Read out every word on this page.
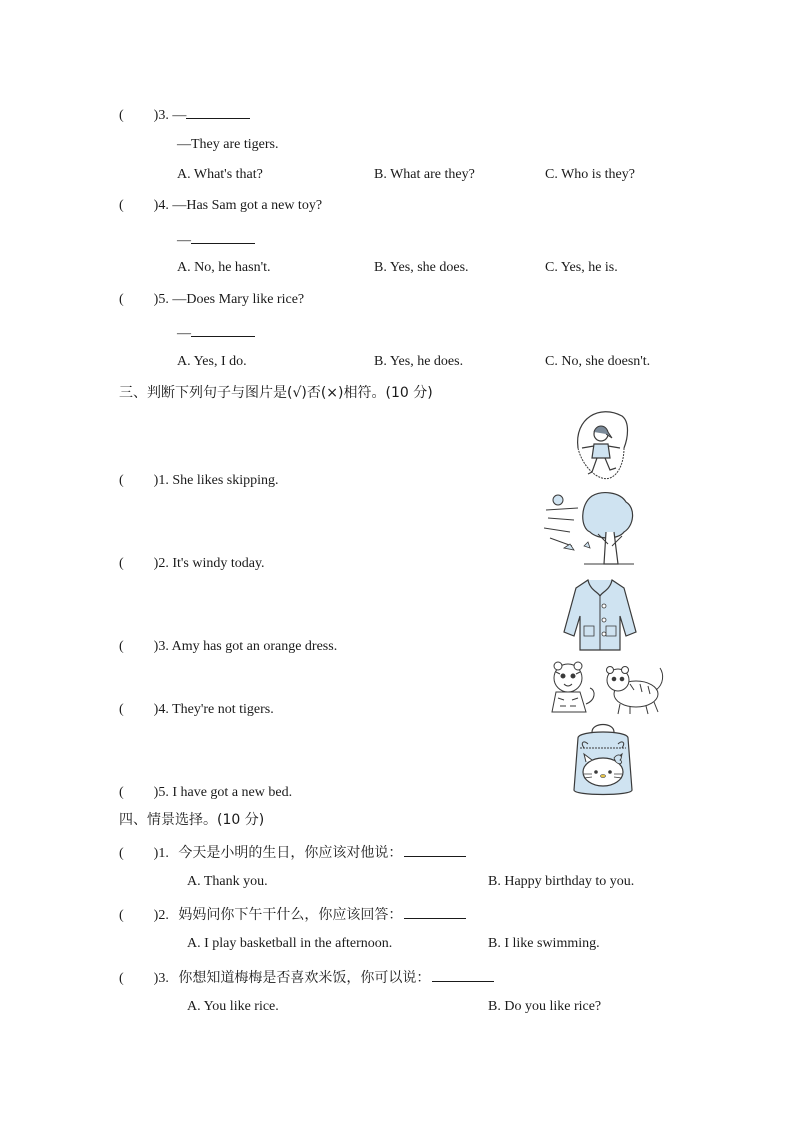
( )3. —
—They are tigers.
A. What's that?	B. What are they?	C. Who is they?
( )4. —Has Sam got a new toy?
—
A. No, he hasn't.	B. Yes, she does.	C. Yes, he is.
( )5. —Does Mary like rice?
—
A. Yes, I do.	B. Yes, he does.	C. No, she doesn't.
三、判断下列句子与图片是(√)否(×)相符。(10 分)
( )1. She likes skipping.
( )2. It's windy today.
( )3. Amy has got an orange dress.
( )4. They're not tigers.
( )5. I have got a new bed.
四、情景选择。(10 分)
( )1. 今天是小明的生日，你应该对他说：
A. Thank you.	B. Happy birthday to you.
( )2. 妈妈问你下午干什么，你应该回答：
A. I play basketball in the afternoon.	B. I like swimming.
( )3. 你想知道梅梅是否喜欢米饭，你可以说：
A. You like rice.	B. Do you like rice?
